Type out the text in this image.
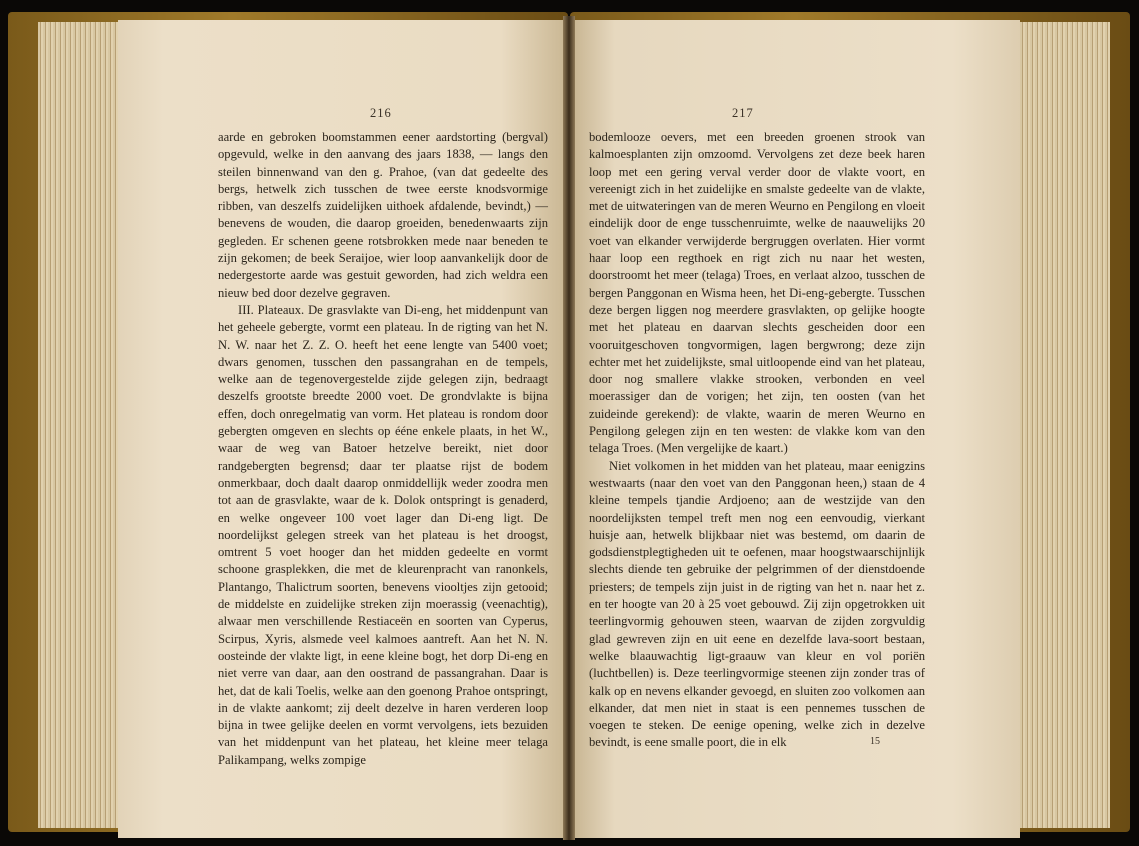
216

aarde en gebroken boomstammen eener aardstorting (bergval) opgevuld, welke in den aanvang des jaars 1838, — langs den steilen binnenwand van den g. Prahoe, (van dat gedeelte des bergs, hetwelk zich tusschen de twee eerste knodsvormige ribben, van deszelfs zuidelijken uithoek afdalende, bevindt,) — benevens de wouden, die daarop groeiden, benedenwaarts zijn gegleden. Er schenen geene rotsbrokken mede naar beneden te zijn gekomen; de beek Seraijoe, wier loop aanvankelijk door de nedergestorte aarde was gestuit geworden, had zich weldra een nieuw bed door dezelve gegraven.

III. Plateaux. De grasvlakte van Di-eng, het middenpunt van het geheele gebergte, vormt een plateau. In de rigting van het N. N. W. naar het Z. Z. O. heeft het eene lengte van 5400 voet; dwars genomen, tusschen den passangrahan en de tempels, welke aan de tegenovergestelde zijde gelegen zijn, bedraagt deszelfs grootste breedte 2000 voet. De grondvlakte is bijna effen, doch onregelmatig van vorm. Het plateau is rondom door gebergten omgeven en slechts op ééne enkele plaats, in het W., waar de weg van Batoer hetzelve bereikt, niet door randgebergten begrensd; daar ter plaatse rijst de bodem onmerkbaar, doch daalt daarop onmiddellijk weder zoodra men tot aan de grasvlakte, waar de k. Dolok ontspringt is genaderd, en welke ongeveer 100 voet lager dan Di-eng ligt. De noordelijkst gelegen streek van het plateau is het droogst, omtrent 5 voet hooger dan het midden gedeelte en vormt schoone grasplekken, die met de kleurenpracht van ranonkels, Plantango, Thalictrum soorten, benevens viooltjes zijn getooid; de middelste en zuidelijke streken zijn moerassig (veenachtig), alwaar men verschillende Restiaceën en soorten van Cyperus, Scirpus, Xyris, alsmede veel kalmoes aantreft. Aan het N. N. oosteinde der vlakte ligt, in eene kleine bogt, het dorp Di-eng en niet verre van daar, aan den oostrand de passangrahan. Daar is het, dat de kali Toelis, welke aan den goenong Prahoe ontspringt, in de vlakte aankomt; zij deelt dezelve in haren verderen loop bijna in twee gelijke deelen en vormt vervolgens, iets bezuiden van het middenpunt van het plateau, het kleine meer telaga Palikampang, welks zompige

217

bodemlooze oevers, met een breeden groenen strook van kalmoesplanten zijn omzoomd. Vervolgens zet deze beek haren loop met een gering verval verder door de vlakte voort, en vereenigt zich in het zuidelijke en smalste gedeelte van de vlakte, met de uitwateringen van de meren Weurno en Pengilong en vloeit eindelijk door de enge tusschenruimte, welke de naauwelijks 20 voet van elkander verwijderde bergruggen overlaten. Hier vormt haar loop een regthoek en rigt zich nu naar het westen, doorstroomt het meer (telaga) Troes, en verlaat alzoo, tusschen de bergen Panggonan en Wisma heen, het Di-eng-gebergte. Tusschen deze bergen liggen nog meerdere grasvlakten, op gelijke hoogte met het plateau en daarvan slechts gescheiden door een vooruitgeschoven tongvormigen, lagen bergwrong; deze zijn echter met het zuidelijkste, smal uitloopende eind van het plateau, door nog smallere vlakke strooken, verbonden en veel moerassiger dan de vorigen; het zijn, ten oosten (van het zuideinde gerekend): de vlakte, waarin de meren Weurno en Pengilong gelegen zijn en ten westen: de vlakke kom van den telaga Troes. (Men vergelijke de kaart.)

Niet volkomen in het midden van het plateau, maar eenigzins westwaarts (naar den voet van den Panggonan heen,) staan de 4 kleine tempels tjandie Ardjoeno; aan de westzijde van den noordelijksten tempel treft men nog een eenvoudig, vierkant huisje aan, hetwelk blijkbaar niet was bestemd, om daarin de godsdienstplegtigheden uit te oefenen, maar hoogstwaarschijnlijk slechts diende ten gebruike der pelgrimmen of der dienstdoende priesters; de tempels zijn juist in de rigting van het n. naar het z. en ter hoogte van 20 à 25 voet gebouwd. Zij zijn opgetrokken uit teerlingvormig gehouwen steen, waarvan de zijden zorgvuldig glad gewreven zijn en uit eene en dezelfde lava-soort bestaan, welke blaauwachtig ligt-graauw van kleur en vol poriën (luchtbellen) is. Deze teerlingvormige steenen zijn zonder tras of kalk op en nevens elkander gevoegd, en sluiten zoo volkomen aan elkander, dat men niet in staat is een pennemes tusschen de voegen te steken. De eenige opening, welke zich in dezelve bevindt, is eene smalle poort, die in elk	15
